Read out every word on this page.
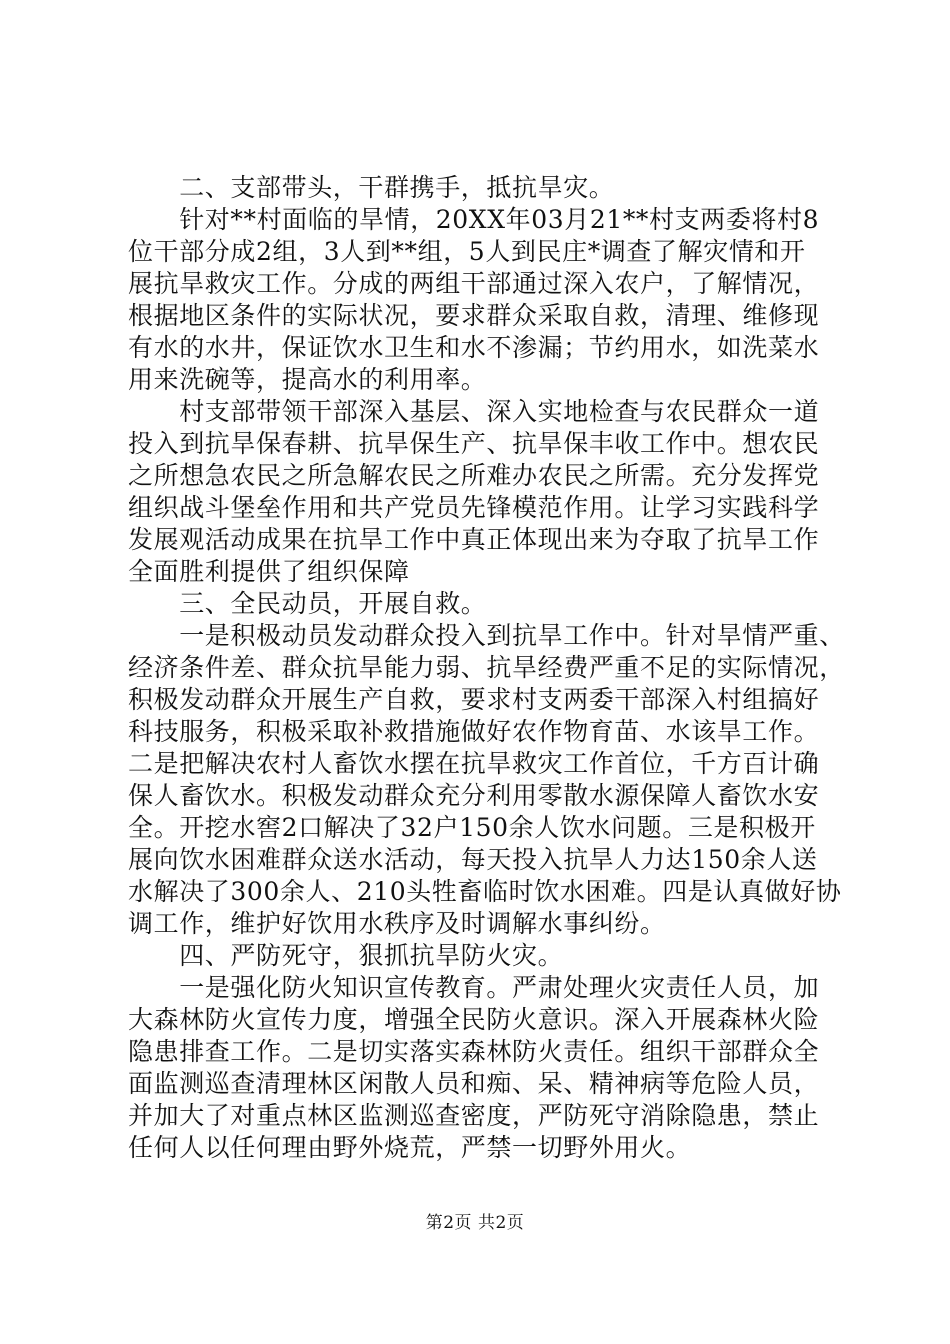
　　二、支部带头，干群携手，抵抗旱灾。
　　针对**村面临的旱情，20XX年03月21**村支两委将村8
位干部分成2组，3人到**组，5人到民庄*调查了解灾情和开
展抗旱救灾工作。分成的两组干部通过深入农户，了解情况，
根据地区条件的实际状况，要求群众采取自救，清理、维修现
有水的水井，保证饮水卫生和水不渗漏；节约用水，如洗菜水
用来洗碗等，提高水的利用率。
　　村支部带领干部深入基层、深入实地检查与农民群众一道
投入到抗旱保春耕、抗旱保生产、抗旱保丰收工作中。想农民
之所想急农民之所急解农民之所难办农民之所需。充分发挥党
组织战斗堡垒作用和共产党员先锋模范作用。让学习实践科学
发展观活动成果在抗旱工作中真正体现出来为夺取了抗旱工作
全面胜利提供了组织保障
　　三、全民动员，开展自救。
　　一是积极动员发动群众投入到抗旱工作中。针对旱情严重、
经济条件差、群众抗旱能力弱、抗旱经费严重不足的实际情况，
积极发动群众开展生产自救，要求村支两委干部深入村组搞好
科技服务，积极采取补救措施做好农作物育苗、水该旱工作。
二是把解决农村人畜饮水摆在抗旱救灾工作首位，千方百计确
保人畜饮水。积极发动群众充分利用零散水源保障人畜饮水安
全。开挖水窖2口解决了32户150余人饮水问题。三是积极开
展向饮水困难群众送水活动，每天投入抗旱人力达150余人送
水解决了300余人、210头牲畜临时饮水困难。四是认真做好协
调工作，维护好饮用水秩序及时调解水事纠纷。
　　四、严防死守，狠抓抗旱防火灾。
　　一是强化防火知识宣传教育。严肃处理火灾责任人员，加
大森林防火宣传力度，增强全民防火意识。深入开展森林火险
隐患排查工作。二是切实落实森林防火责任。组织干部群众全
面监测巡查清理林区闲散人员和痴、呆、精神病等危险人员，
并加大了对重点林区监测巡查密度，严防死守消除隐患，禁止
任何人以任何理由野外烧荒，严禁一切野外用火。
第2页 共2页
